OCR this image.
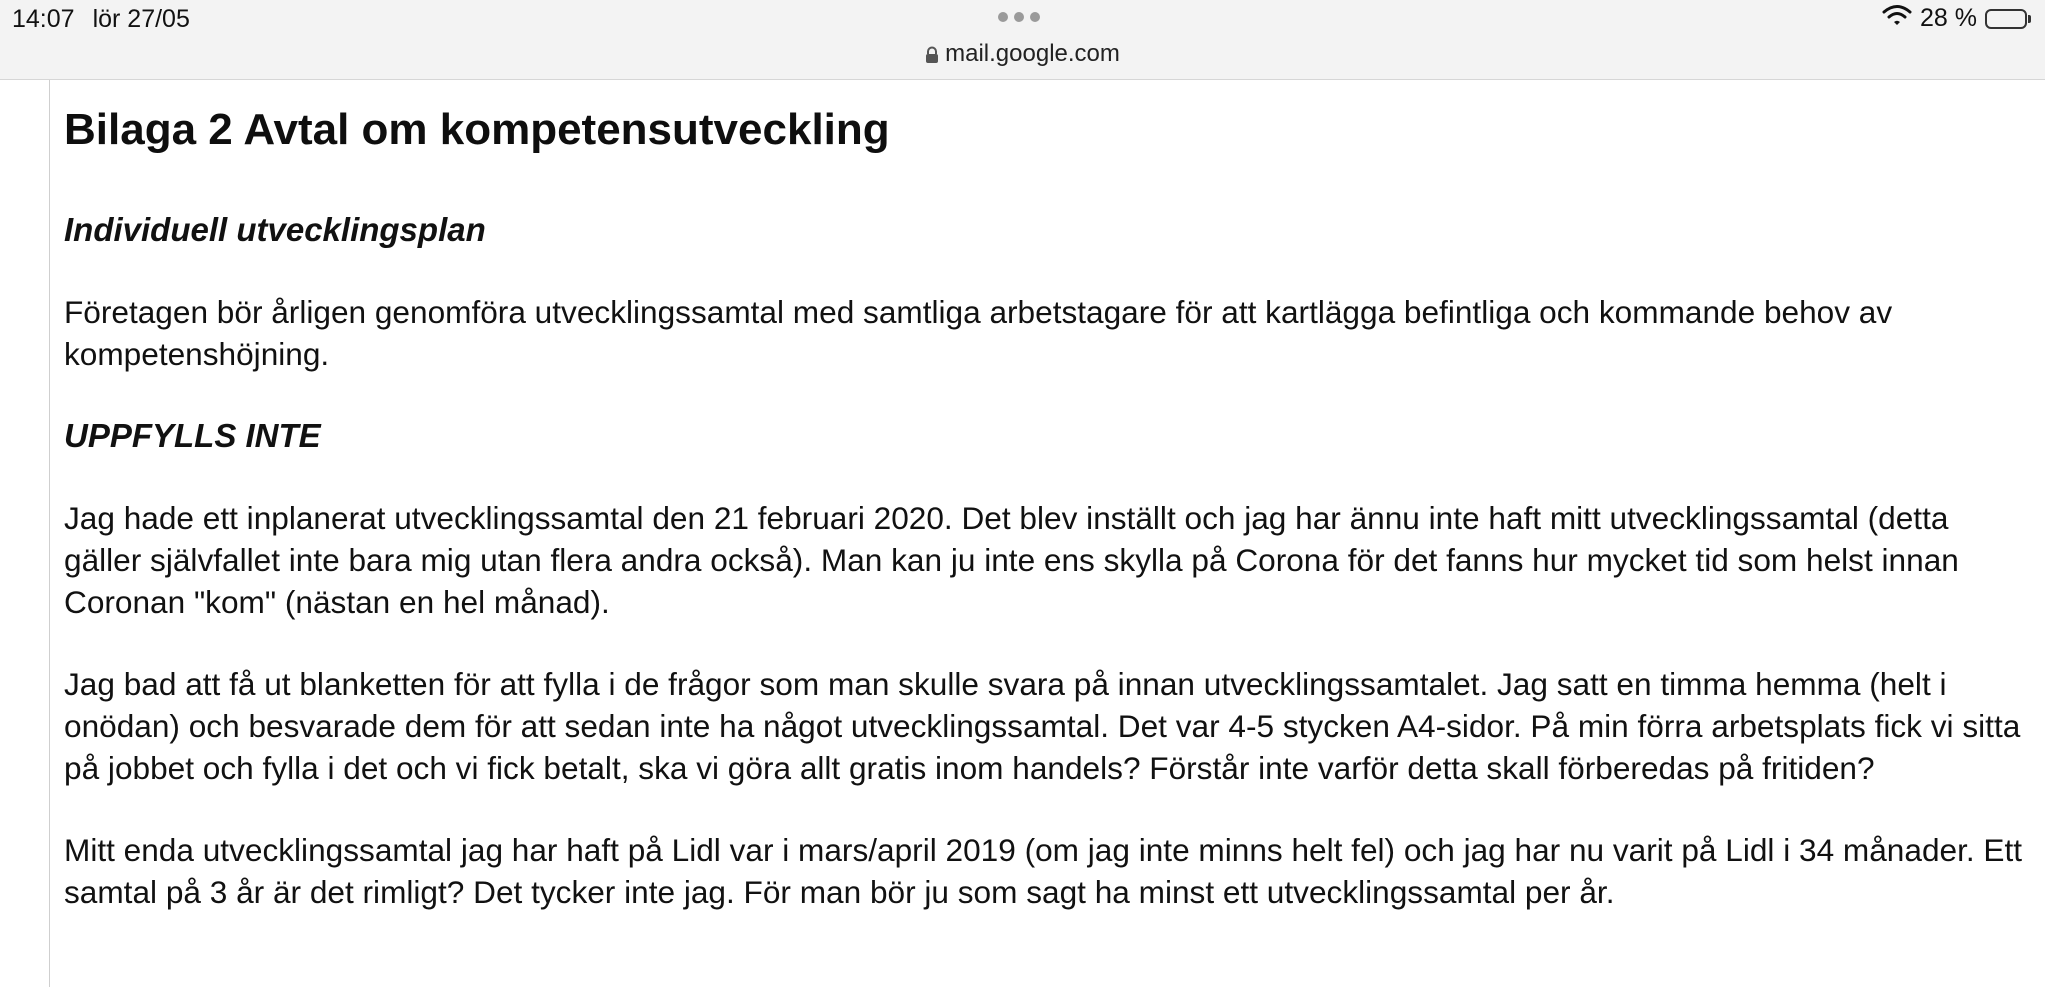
14:07 lör 27/05
mail.google.com
28 %
Bilaga 2 Avtal om kompetensutveckling
Individuell utvecklingsplan
Företagen bör årligen genomföra utvecklingssamtal med samtliga arbetstagare för att kartlägga befintliga och kommande behov av kompetenshöjning.
UPPFYLLS INTE
Jag hade ett inplanerat utvecklingssamtal den 21 februari 2020. Det blev inställt och jag har ännu inte haft mitt utvecklingssamtal (detta gäller självfallet inte bara mig utan flera andra också). Man kan ju inte ens skylla på Corona för det fanns hur mycket tid som helst innan Coronan "kom" (nästan en hel månad).
Jag bad att få ut blanketten för att fylla i de frågor som man skulle svara på innan utvecklingssamtalet. Jag satt en timma hemma (helt i onödan) och besvarade dem för att sedan inte ha något utvecklingssamtal. Det var 4-5 stycken A4-sidor. På min förra arbetsplats fick vi sitta på jobbet och fylla i det och vi fick betalt, ska vi göra allt gratis inom handels? Förstår inte varför detta skall förberedas på fritiden?
Mitt enda utvecklingssamtal jag har haft på Lidl var i mars/april 2019 (om jag inte minns helt fel) och jag har nu varit på Lidl i 34 månader. Ett samtal på 3 år är det rimligt? Det tycker inte jag. För man bör ju som sagt ha minst ett utvecklingssamtal per år.
